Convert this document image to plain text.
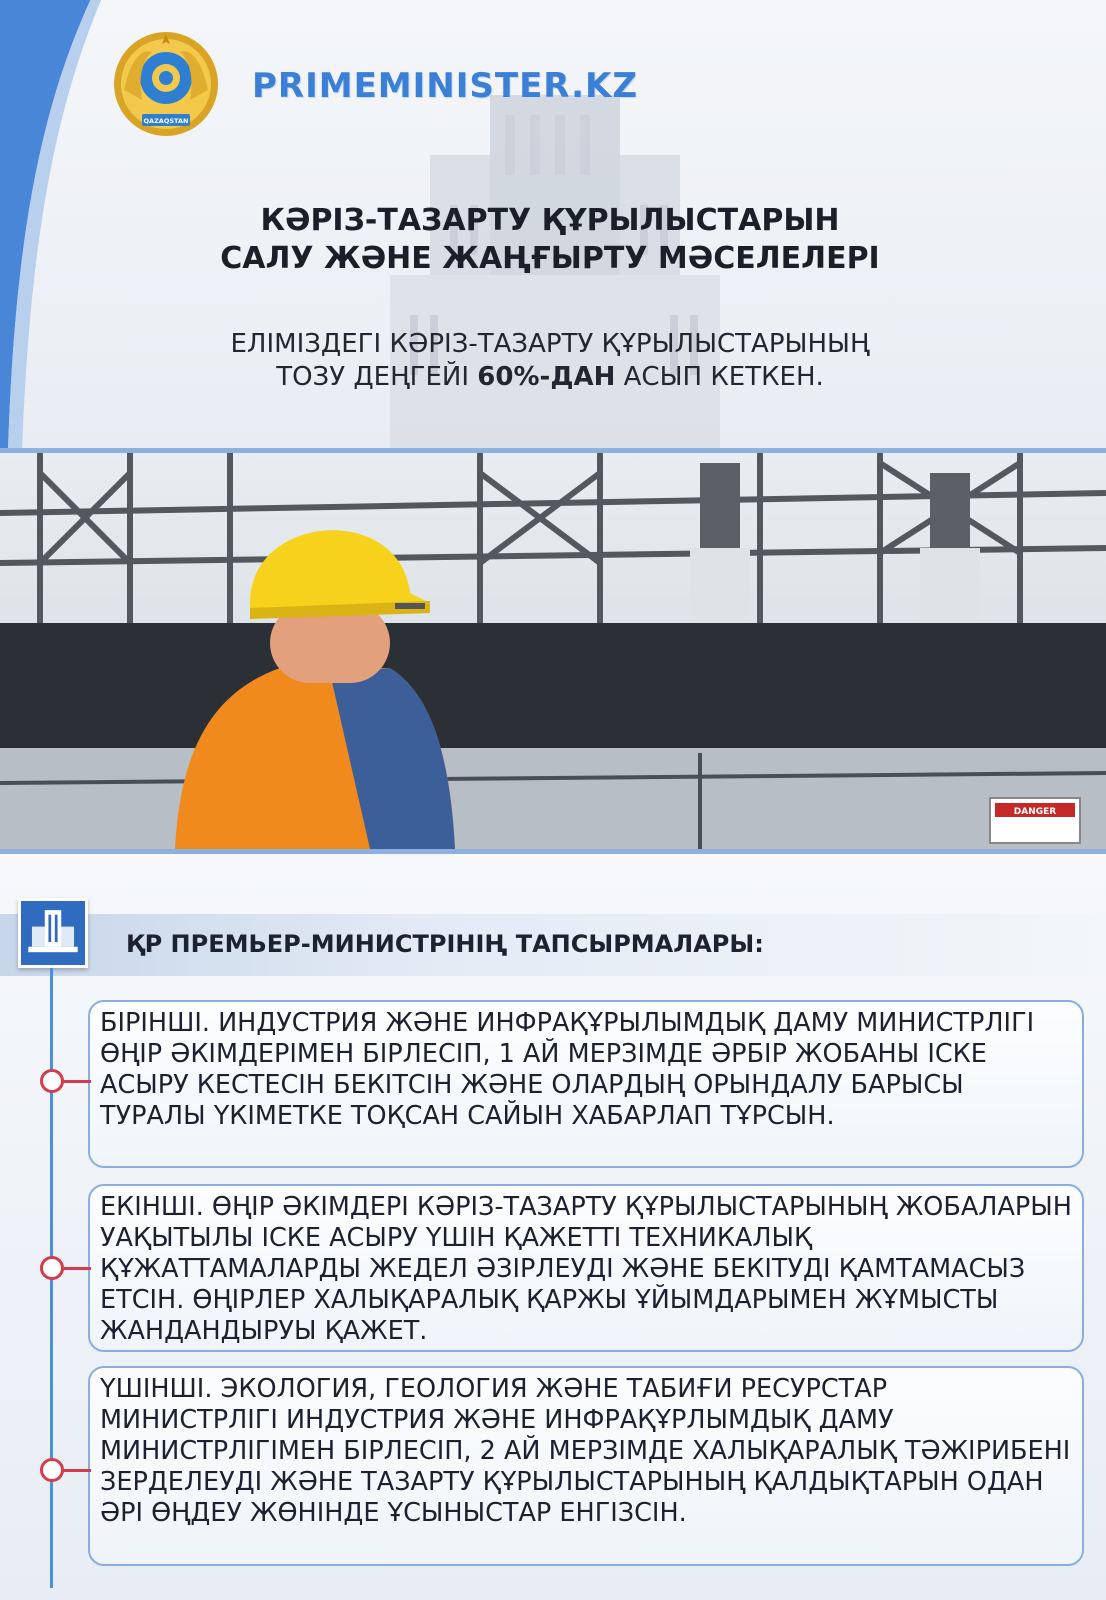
QAZAQSTAN
PRIMEMINISTER.KZ
КӘРІЗ-ТАЗАРТУ ҚҰРЫЛЫСТАРЫН
САЛУ ЖӘНЕ ЖАҢҒЫРТУ МӘСЕЛЕЛЕРІ
ЕЛІМІЗДЕГІ КӘРІЗ-ТАЗАРТУ ҚҰРЫЛЫСТАРЫНЫҢ
ТОЗУ ДЕҢГЕЙІ 60%-ДАН АСЫП КЕТКЕН.
DANGER
ҚР ПРЕМЬЕР-МИНИСТРІНІҢ ТАПСЫРМАЛАРЫ:

БІРІНШІ. ИНДУСТРИЯ ЖӘНЕ ИНФРАҚҰРЫЛЫМДЫҚ ДАМУ МИНИСТРЛІГІ ӨҢІР ӘКІМДЕРІМЕН БІРЛЕСІП, 1 АЙ МЕРЗІМДЕ ӘРБІР ЖОБАНЫ ІСКЕ АСЫРУ КЕСТЕСІН БЕКІТСІН ЖӘНЕ ОЛАРДЫҢ ОРЫНДАЛУ БАРЫСЫ ТУРАЛЫ ҮКІМЕТКЕ ТОҚСАН САЙЫН ХАБАРЛАП ТҰРСЫН.

ЕКІНШІ. ӨҢІР ӘКІМДЕРІ КӘРІЗ-ТАЗАРТУ ҚҰРЫЛЫСТАРЫНЫҢ ЖОБАЛАРЫН УАҚЫТЫЛЫ ІСКЕ АСЫРУ ҮШІН ҚАЖЕТТІ ТЕХНИКАЛЫҚ ҚҰЖАТТАМАЛАРДЫ ЖЕДЕЛ ӘЗІРЛЕУДІ ЖӘНЕ БЕКІТУДІ ҚАМТАМАСЫЗ ЕТСІН. ӨҢІРЛЕР ХАЛЫҚАРАЛЫҚ ҚАРЖЫ ҰЙЫМДАРЫМЕН ЖҰМЫСТЫ ЖАНДАНДЫРУЫ ҚАЖЕТ.

ҮШІНШІ. ЭКОЛОГИЯ, ГЕОЛОГИЯ ЖӘНЕ ТАБИҒИ РЕСУРСТАР МИНИСТРЛІГІ ИНДУСТРИЯ ЖӘНЕ ИНФРАҚҰРЛЫМДЫҚ ДАМУ МИНИСТРЛІГІМЕН БІРЛЕСІП, 2 АЙ МЕРЗІМДЕ ХАЛЫҚАРАЛЫҚ ТӘЖІРИБЕНІ ЗЕРДЕЛЕУДІ ЖӘНЕ ТАЗАРТУ ҚҰРЫЛЫСТАРЫНЫҢ ҚАЛДЫҚТАРЫН ОДАН ӘРІ ӨҢДЕУ ЖӨНІНДЕ ҰСЫНЫСТАР ЕНГІЗСІН.
